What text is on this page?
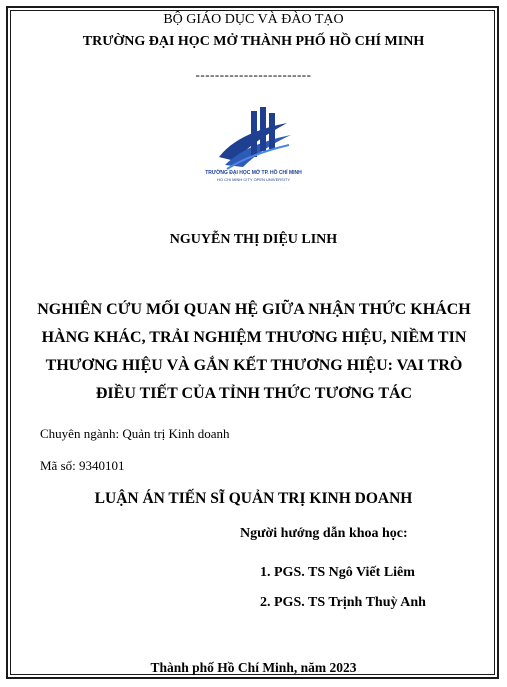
BỘ GIÁO DỤC VÀ ĐÀO TẠO
TRƯỜNG ĐẠI HỌC MỞ THÀNH PHỐ HỒ CHÍ MINH
------------------------
TRƯỜNG ĐẠI HỌC MỞ TP. HỒ CHÍ MINH
HO CHI MINH CITY OPEN UNIVERSITY
NGUYỄN THỊ DIỆU LINH
NGHIÊN CỨU MỐI QUAN HỆ GIỮA NHẬN THỨC KHÁCH
HÀNG KHÁC, TRẢI NGHIỆM THƯƠNG HIỆU, NIỀM TIN
THƯƠNG HIỆU VÀ GẮN KẾT THƯƠNG HIỆU: VAI TRÒ
ĐIỀU TIẾT CỦA TỈNH THỨC TƯƠNG TÁC
Chuyên ngành: Quản trị Kinh doanh
Mã số: 9340101
LUẬN ÁN TIẾN SĨ QUẢN TRỊ KINH DOANH
Người hướng dẫn khoa học:
1. PGS. TS Ngô Viết Liêm
2. PGS. TS Trịnh Thuỳ Anh
Thành phố Hồ Chí Minh, năm 2023
